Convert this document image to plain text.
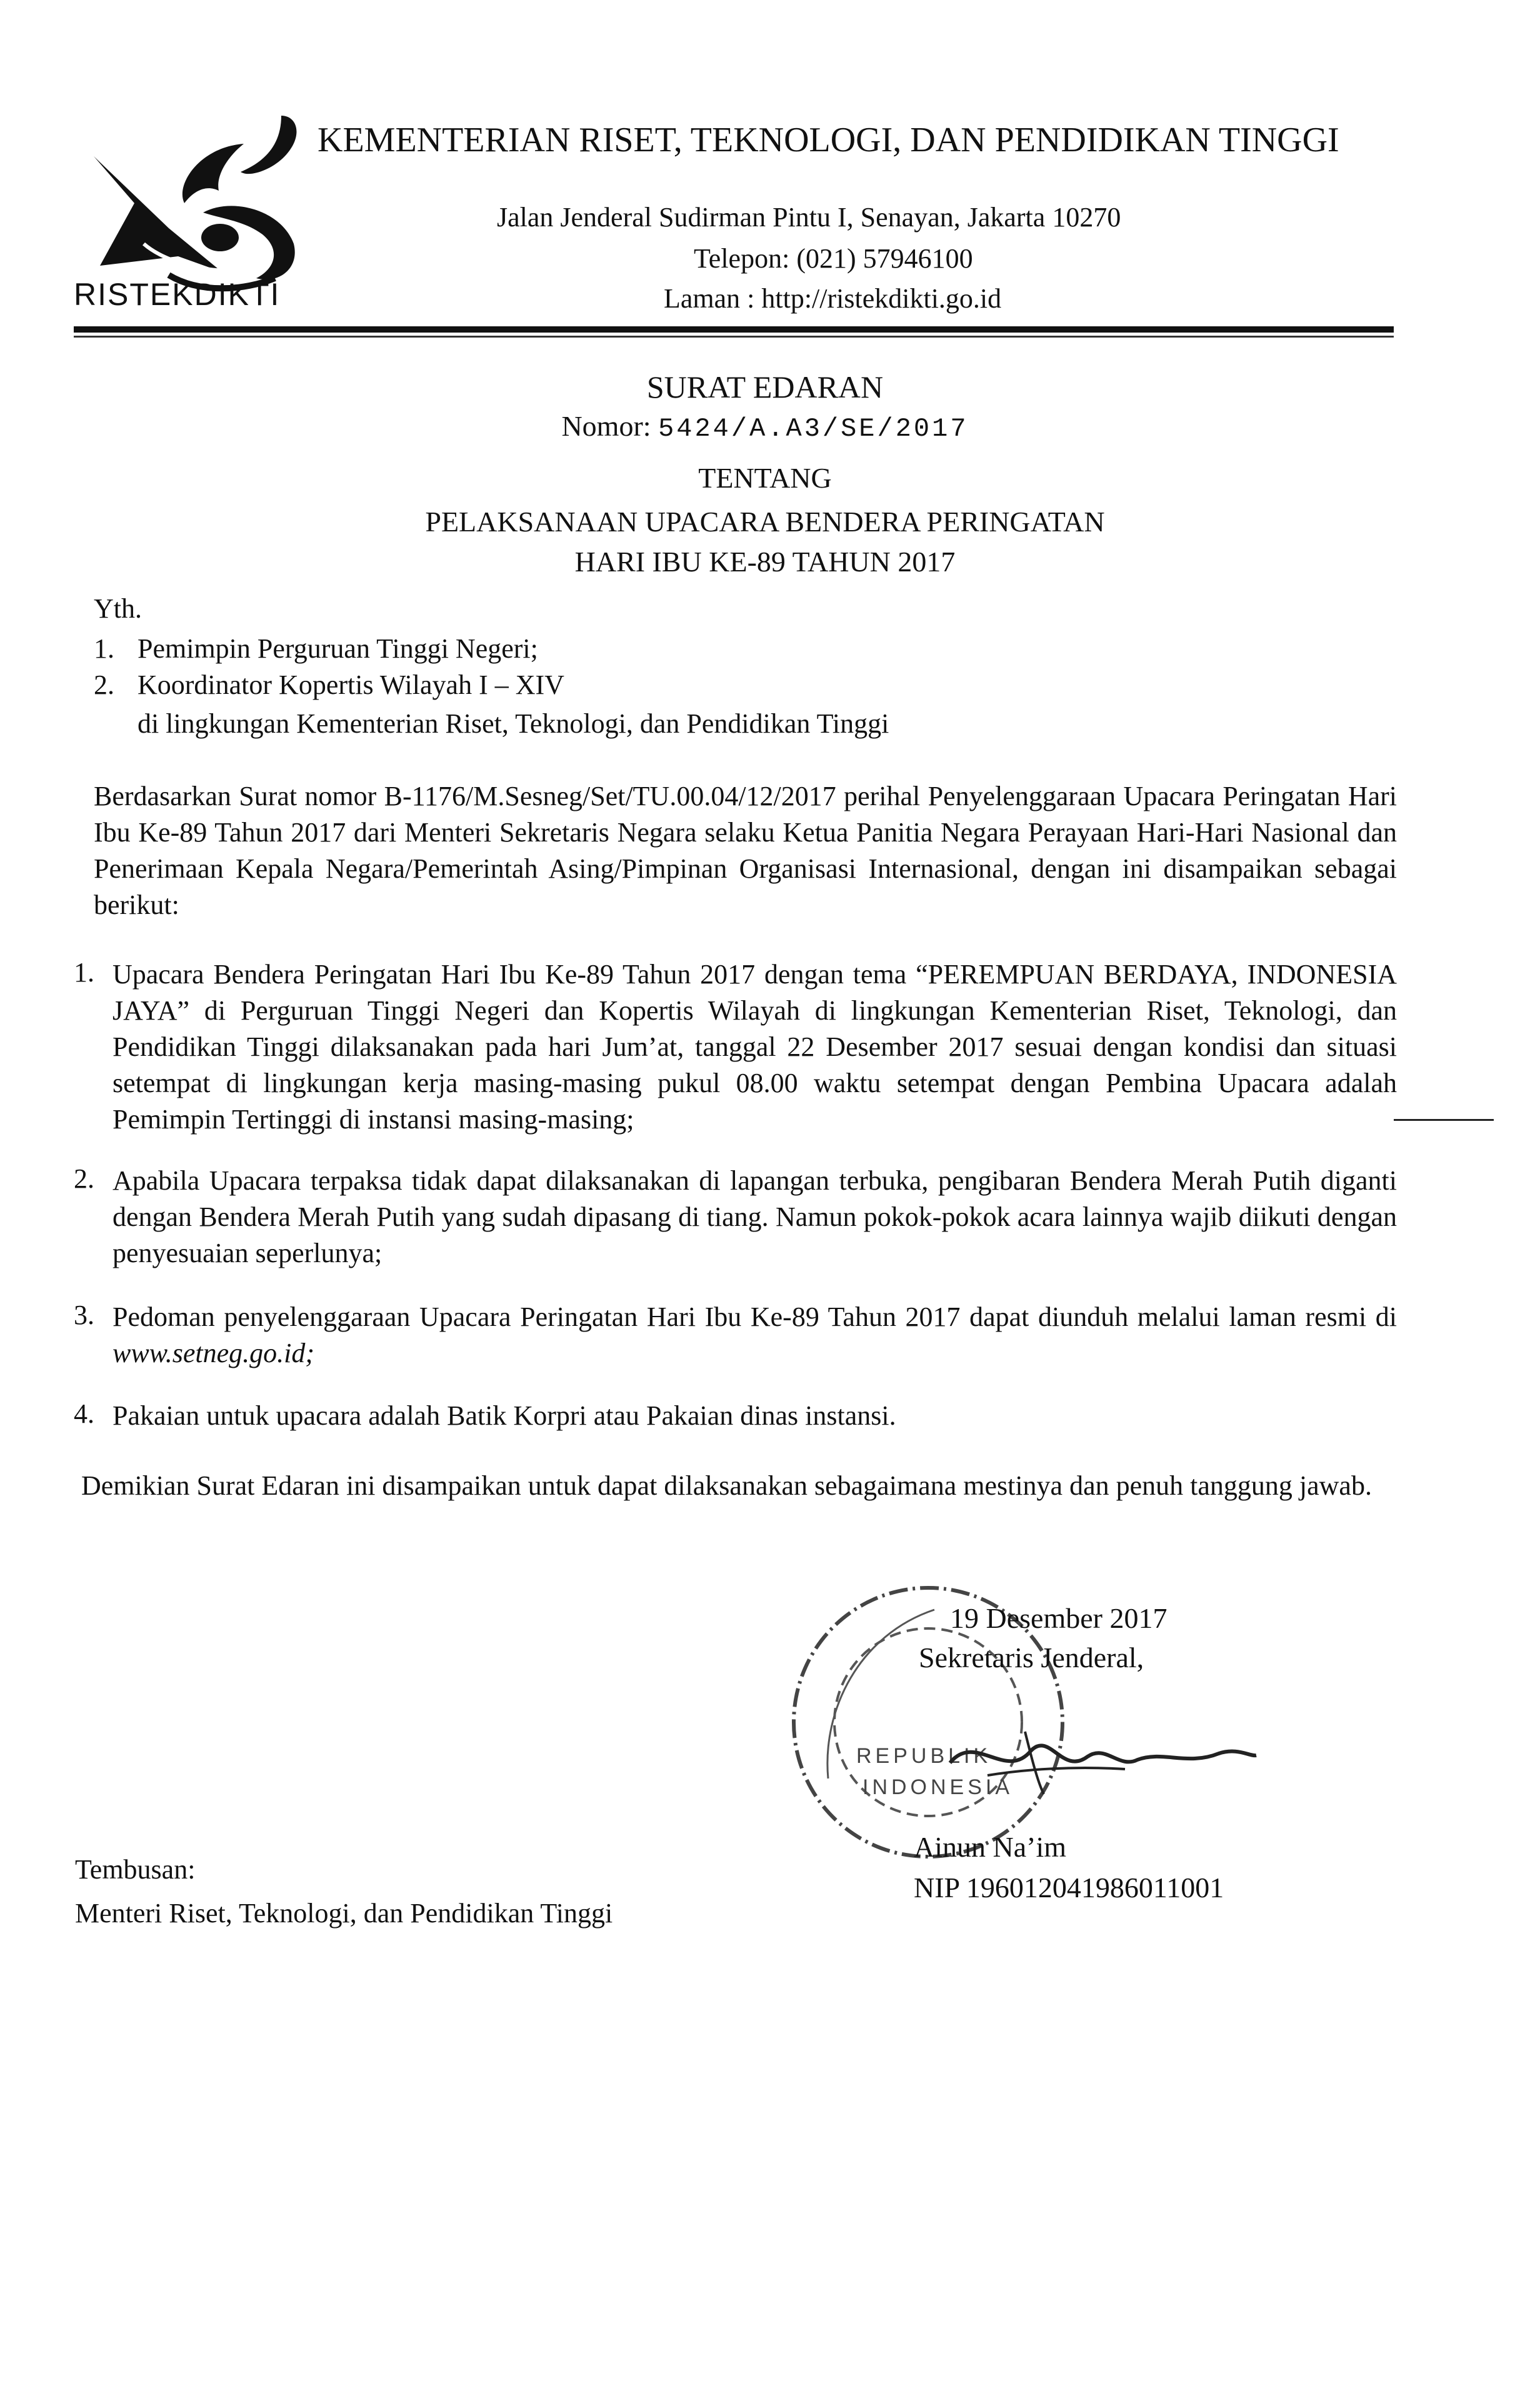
RISTEKDIKTI
KEMENTERIAN RISET, TEKNOLOGI, DAN PENDIDIKAN TINGGI
Jalan Jenderal Sudirman Pintu I, Senayan, Jakarta 10270
Telepon: (021) 57946100
Laman : http://ristekdikti.go.id
SURAT EDARAN
Nomor: 5424/A.A3/SE/2017
TENTANG
PELAKSANAAN UPACARA BENDERA PERINGATAN
HARI IBU KE-89 TAHUN 2017
Yth.
1. Pemimpin Perguruan Tinggi Negeri;
2. Koordinator Kopertis Wilayah I – XIV
di lingkungan Kementerian Riset, Teknologi, dan Pendidikan Tinggi
Berdasarkan Surat nomor B-1176/M.Sesneg/Set/TU.00.04/12/2017 perihal Penyelenggaraan Upacara Peringatan Hari Ibu Ke-89 Tahun 2017 dari Menteri Sekretaris Negara selaku Ketua Panitia Negara Perayaan Hari-Hari Nasional dan Penerimaan Kepala Negara/Pemerintah Asing/Pimpinan Organisasi Internasional, dengan ini disampaikan sebagai berikut:
1. Upacara Bendera Peringatan Hari Ibu Ke-89 Tahun 2017 dengan tema “PEREMPUAN BERDAYA, INDONESIA JAYA” di Perguruan Tinggi Negeri dan Kopertis Wilayah di lingkungan Kementerian Riset, Teknologi, dan Pendidikan Tinggi dilaksanakan pada hari Jum’at, tanggal 22 Desember 2017 sesuai dengan kondisi dan situasi setempat di lingkungan kerja masing-masing pukul 08.00 waktu setempat dengan Pembina Upacara adalah Pemimpin Tertinggi di instansi masing-masing;
2. Apabila Upacara terpaksa tidak dapat dilaksanakan di lapangan terbuka, pengibaran Bendera Merah Putih diganti dengan Bendera Merah Putih yang sudah dipasang di tiang. Namun pokok-pokok acara lainnya wajib diikuti dengan penyesuaian seperlunya;
3. Pedoman penyelenggaraan Upacara Peringatan Hari Ibu Ke-89 Tahun 2017 dapat diunduh melalui laman resmi di www.setneg.go.id;
4. Pakaian untuk upacara adalah Batik Korpri atau Pakaian dinas instansi.
Demikian Surat Edaran ini disampaikan untuk dapat dilaksanakan sebagaimana mestinya dan penuh tanggung jawab.
REPUBLIK
INDONESIA
19 Desember 2017
Sekretaris Jenderal,
Ainun Na’im
NIP 196012041986011001
Tembusan:
Menteri Riset, Teknologi, dan Pendidikan Tinggi
